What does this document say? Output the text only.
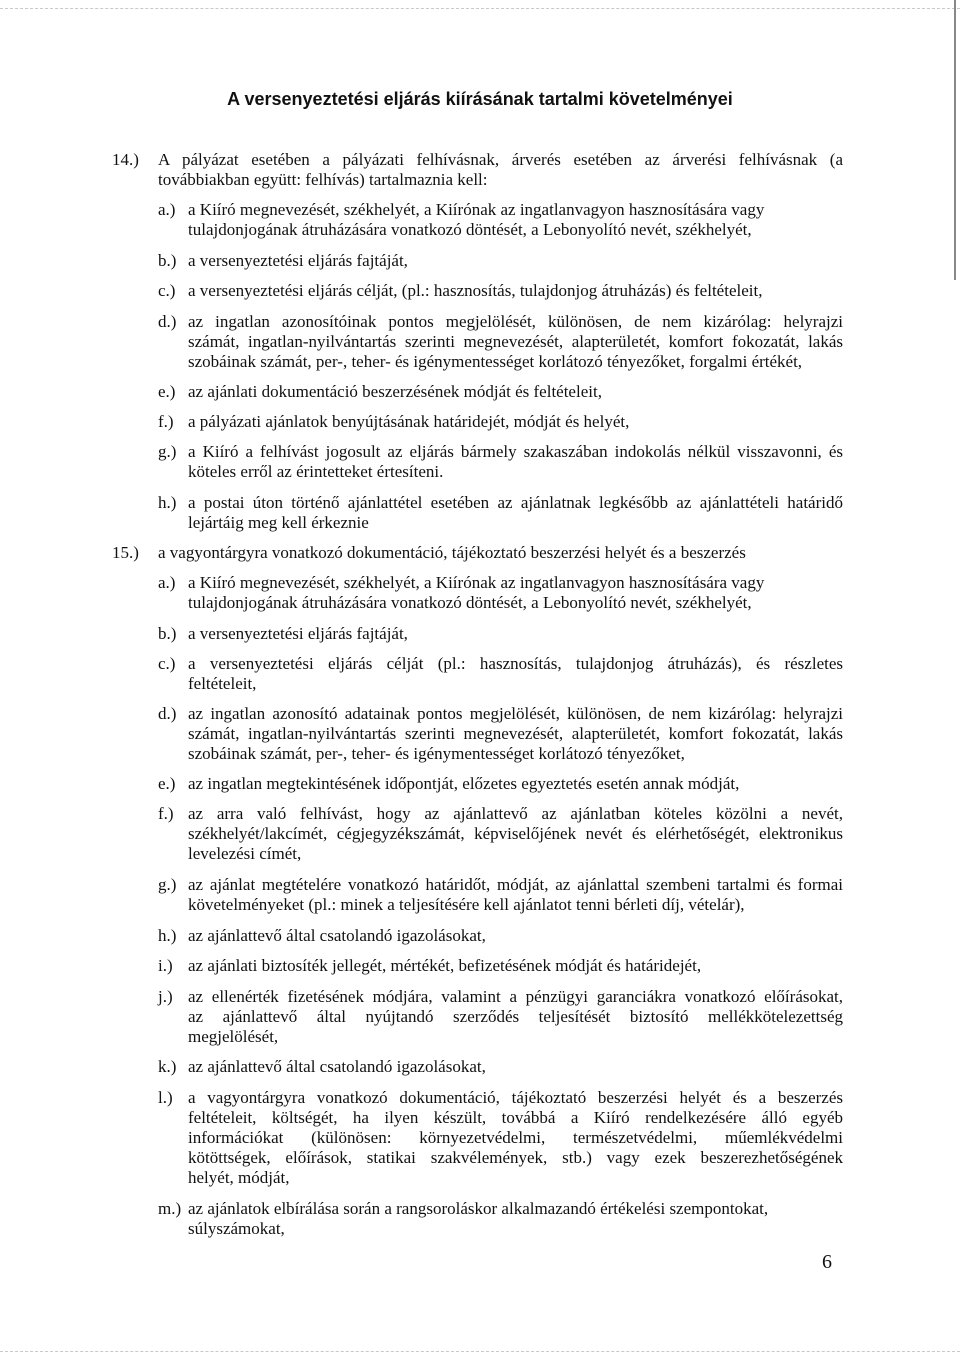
A versenyeztetési eljárás kiírásának tartalmi követelményei
14.) A pályázat esetében a pályázati felhívásnak, árverés esetében az árverési felhívásnak (a
továbbiakban együtt: felhívás) tartalmaznia kell:
a.) a Kiíró megnevezését, székhelyét, a Kiírónak az ingatlanvagyon hasznosítására vagy
tulajdonjogának átruházására vonatkozó döntését, a Lebonyolító nevét, székhelyét,
b.) a versenyeztetési eljárás fajtáját,
c.) a versenyeztetési eljárás célját, (pl.: hasznosítás, tulajdonjog átruházás) és feltételeit,
d.) az ingatlan azonosítóinak pontos megjelölését, különösen, de nem kizárólag: helyrajzi
számát, ingatlan-nyilvántartás szerinti megnevezését, alapterületét, komfort fokozatát, lakás
szobáinak számát, per-, teher- és igénymentességet korlátozó tényezőket, forgalmi értékét,
e.) az ajánlati dokumentáció beszerzésének módját és feltételeit,
f.) a pályázati ajánlatok benyújtásának határidejét, módját és helyét,
g.) a Kiíró a felhívást jogosult az eljárás bármely szakaszában indokolás nélkül visszavonni, és
köteles erről az érintetteket értesíteni.
h.) a postai úton történő ajánlattétel esetében az ajánlatnak legkésőbb az ajánlattételi határidő
lejártáig meg kell érkeznie
15.) a vagyontárgyra vonatkozó dokumentáció, tájékoztató beszerzési helyét és a beszerzés
a.) a Kiíró megnevezését, székhelyét, a Kiírónak az ingatlanvagyon hasznosítására vagy
tulajdonjogának átruházására vonatkozó döntését, a Lebonyolító nevét, székhelyét,
b.) a versenyeztetési eljárás fajtáját,
c.) a versenyeztetési eljárás célját (pl.: hasznosítás, tulajdonjog átruházás), és részletes
feltételeit,
d.) az ingatlan azonosító adatainak pontos megjelölését, különösen, de nem kizárólag: helyrajzi
számát, ingatlan-nyilvántartás szerinti megnevezését, alapterületét, komfort fokozatát, lakás
szobáinak számát, per-, teher- és igénymentességet korlátozó tényezőket,
e.) az ingatlan megtekintésének időpontját, előzetes egyeztetés esetén annak módját,
f.) az arra való felhívást, hogy az ajánlattevő az ajánlatban köteles közölni a nevét,
székhelyét/lakcímét, cégjegyzékszámát, képviselőjének nevét és elérhetőségét, elektronikus
levelezési címét,
g.) az ajánlat megtételére vonatkozó határidőt, módját, az ajánlattal szembeni tartalmi és formai
követelményeket (pl.: minek a teljesítésére kell ajánlatot tenni bérleti díj, vételár),
h.) az ajánlattevő által csatolandó igazolásokat,
i.) az ajánlati biztosíték jellegét, mértékét, befizetésének módját és határidejét,
j.) az ellenérték fizetésének módjára, valamint a pénzügyi garanciákra vonatkozó előírásokat,
az ajánlattevő által nyújtandó szerződés teljesítését biztosító mellékkötelezettség
megjelölését,
k.) az ajánlattevő által csatolandó igazolásokat,
l.) a vagyontárgyra vonatkozó dokumentáció, tájékoztató beszerzési helyét és a beszerzés
feltételeit, költségét, ha ilyen készült, továbbá a Kiíró rendelkezésére álló egyéb
információkat (különösen: környezetvédelmi, természetvédelmi, műemlékvédelmi
kötöttségek, előírások, statikai szakvélemények, stb.) vagy ezek beszerezhetőségének
helyét, módját,
m.) az ajánlatok elbírálása során a rangsoroláskor alkalmazandó értékelési szempontokat,
súlyszámokat,
6
